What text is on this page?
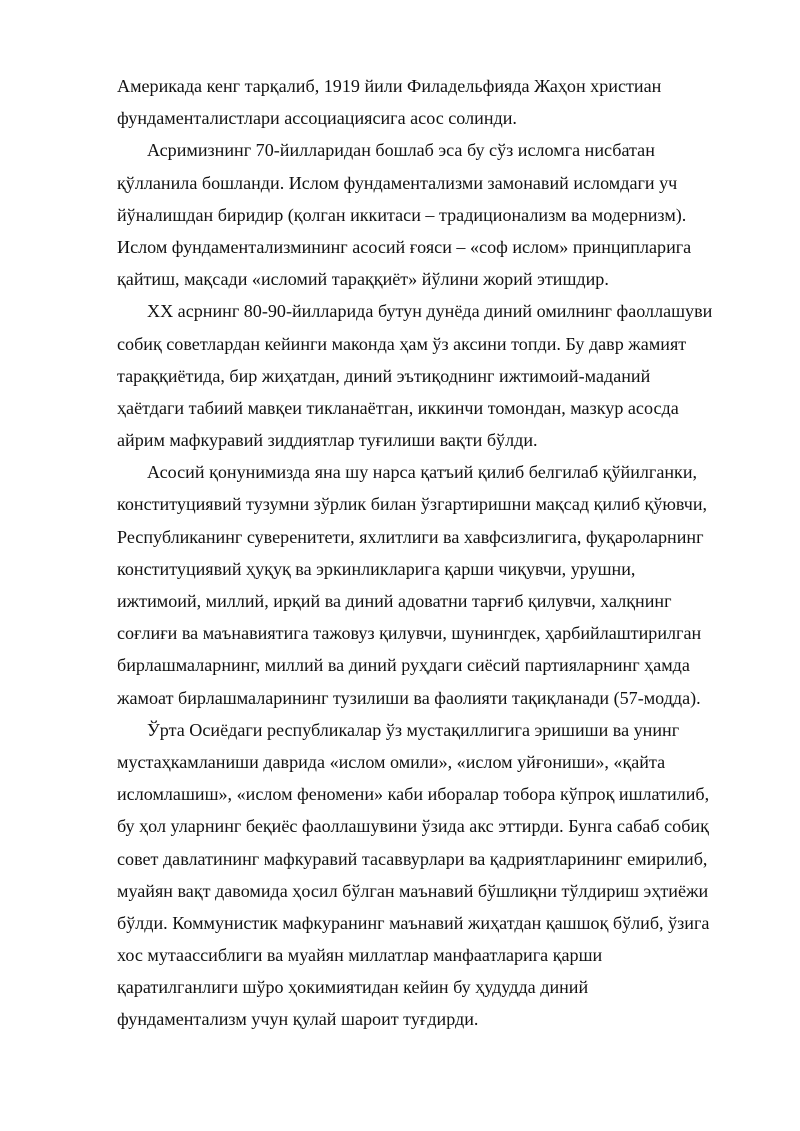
Америкада кенг тарқалиб, 1919 йили Филадельфияда Жаҳон христиан
фундаменталистлари ассоциациясига асос солинди.
Асримизнинг 70-йилларидан бошлаб эса бу сўз исломга нисбатан
қўлланила бошланди. Ислом фундаментализми замонавий исломдаги уч
йўналишдан биридир (қолган иккитаси – традиционализм ва модернизм).
Ислом фундаментализмининг асосий ғояси – «соф ислом» принципларига
қайтиш, мақсади «исломий тараққиёт» йўлини жорий этишдир.
XX асрнинг 80-90-йилларида бутун дунёда диний омилнинг фаоллашуви
собиқ советлардан кейинги маконда ҳам ўз аксини топди. Бу давр жамият
тараққиётида, бир жиҳатдан, диний эътиқоднинг ижтимоий-маданий
ҳаётдаги табиий мавқеи тикланаётган, иккинчи томондан, мазкур асосда
айрим мафкуравий зиддиятлар туғилиши вақти бўлди.
Асосий қонунимизда яна шу нарса қатъий қилиб белгилаб қўйилганки,
конституциявий тузумни зўрлик билан ўзгартиришни мақсад қилиб қўювчи,
Республиканинг суверенитети, яхлитлиги ва хавфсизлигига, фуқароларнинг
конституциявий ҳуқуқ ва эркинликларига қарши чиқувчи, урушни,
ижтимоий, миллий, ирқий ва диний адоватни тарғиб қилувчи, халқнинг
соғлиғи ва маънавиятига тажовуз қилувчи, шунингдек, ҳарбийлаштирилган
бирлашмаларнинг, миллий ва диний руҳдаги сиёсий партияларнинг ҳамда
жамоат бирлашмаларининг тузилиши ва фаолияти тақиқланади (57-модда).
Ўрта Осиёдаги республикалар ўз мустақиллигига эришиши ва унинг
мустаҳкамланиши даврида «ислом омили», «ислом уйғониши», «қайта
исломлашиш», «ислом феномени» каби иборалар тобора кўпроқ ишлатилиб,
бу ҳол уларнинг беқиёс фаоллашувини ўзида акс эттирди. Бунга сабаб собиқ
совет давлатининг мафкуравий тасаввурлари ва қадриятларининг емирилиб,
муайян вақт давомида ҳосил бўлган маънавий бўшлиқни тўлдириш эҳтиёжи
бўлди. Коммунистик мафкуранинг маънавий жиҳатдан қашшоқ бўлиб, ўзига
хос мутаассиблиги ва муайян миллатлар манфаатларига қарши
қаратилганлиги шўро ҳокимиятидан кейин бу ҳудудда диний
фундаментализм учун қулай шароит туғдирди.
